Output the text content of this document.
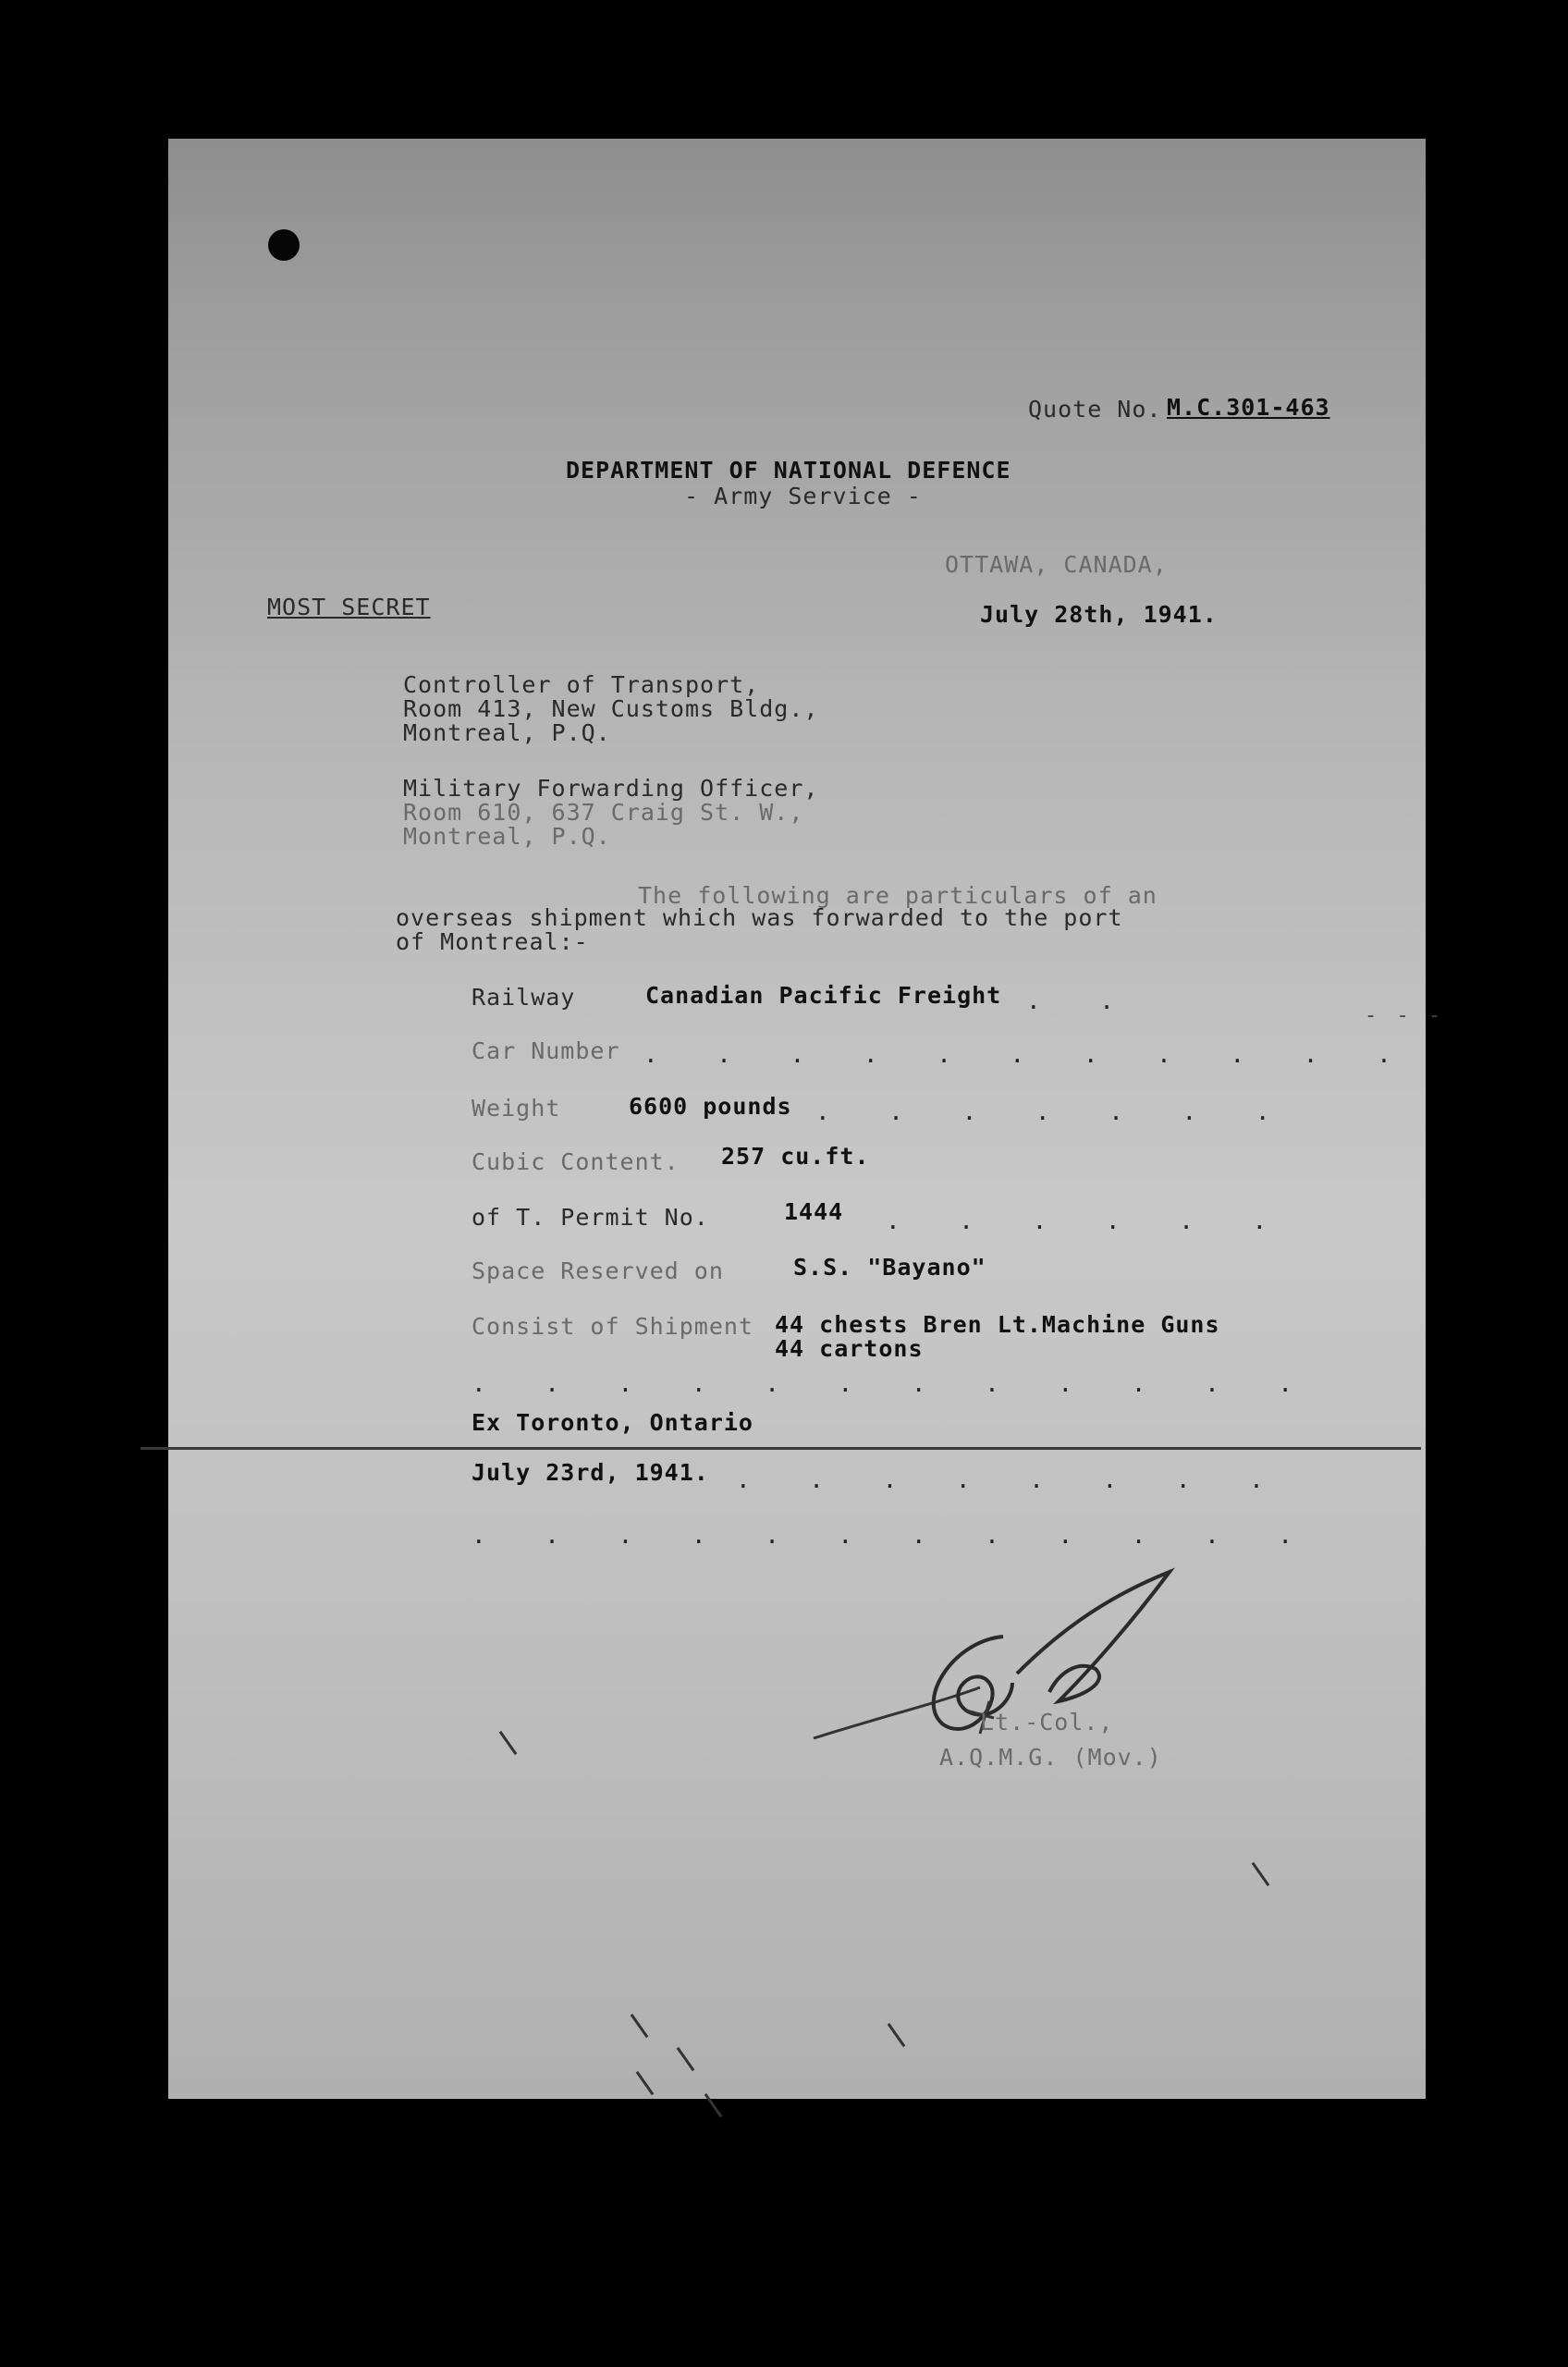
Quote No. M.C.301-463
DEPARTMENT OF NATIONAL DEFENCE
- Army Service -
OTTAWA, CANADA,
MOST SECRET	July 28th, 1941.
Controller of Transport,
Room 413, New Customs Bldg.,
Montreal, P.Q.
Military Forwarding Officer,
Room 610, 637 Craig St. W.,
Montreal, P.Q.
The following are particulars of an
overseas shipment which was forwarded to the port
of Montreal:-
Railway	Canadian Pacific Freight . .
Car Number . . . . . . . . . . .
Weight	6600 pounds . . . . . . .
Cubic Content. 257 cu.ft.
of T. Permit No.	1444 . . . . . .
Space Reserved on	S.S. "Bayano"
Consist of Shipment 44 chests Bren Lt.Machine Guns
44 cartons
. . . . . . . . . . . .
Ex Toronto, Ontario
July 23rd, 1941. . . . . . . . .
. . . . . . . . . . . .
Lt.-Col.,
A.Q.M.G. (Mov.)
- - -
